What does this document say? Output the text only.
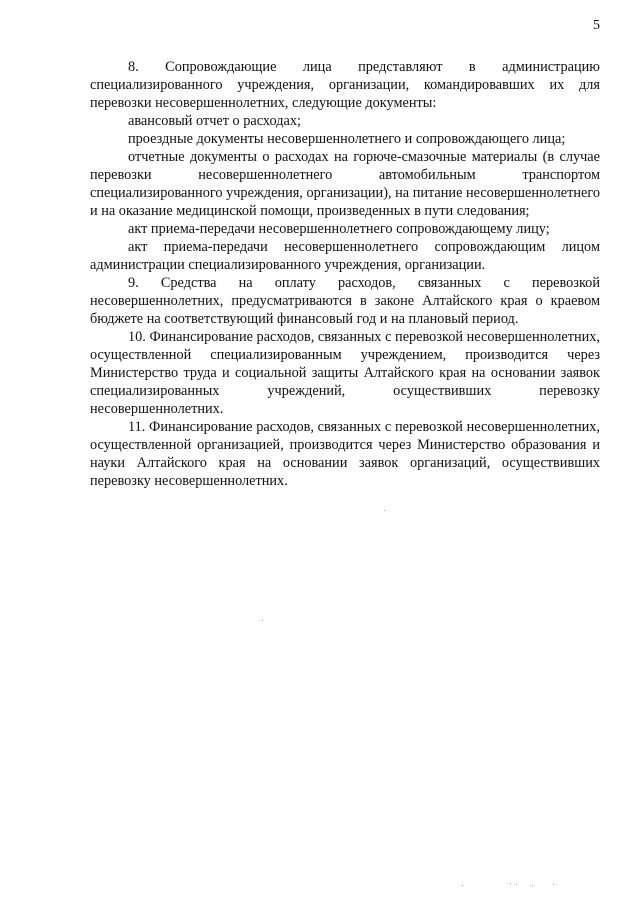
5

8. Сопровождающие лица представляют в администрацию специализированного учреждения, организации, командировавших их для перевозки несовершеннолетних, следующие документы:

авансовый отчет о расходах;

проездные документы несовершеннолетнего и сопровождающего лица;

отчетные документы о расходах на горюче-смазочные материалы (в случае перевозки несовершеннолетнего автомобильным транспортом специализированного учреждения, организации), на питание несовершеннолетнего и на оказание медицинской помощи, произведенных в пути следования;

акт приема-передачи несовершеннолетнего сопровождающему лицу;

акт приема-передачи несовершеннолетнего сопровождающим лицом администрации специализированного учреждения, организации.

9. Средства на оплату расходов, связанных с перевозкой несовершеннолетних, предусматриваются в законе Алтайского края о краевом бюджете на соответствующий финансовый год и на плановый период.

10. Финансирование расходов, связанных с перевозкой несовершеннолетних, осуществленной специализированным учреждением, производится через Министерство труда и социальной защиты Алтайского края на основании заявок специализированных учреждений, осуществивших перевозку несовершеннолетних.

11. Финансирование расходов, связанных с перевозкой несовершеннолетних, осуществленной организацией, производится через Министерство образования и науки Алтайского края на основании заявок организаций, осуществивших перевозку несовершеннолетних.
